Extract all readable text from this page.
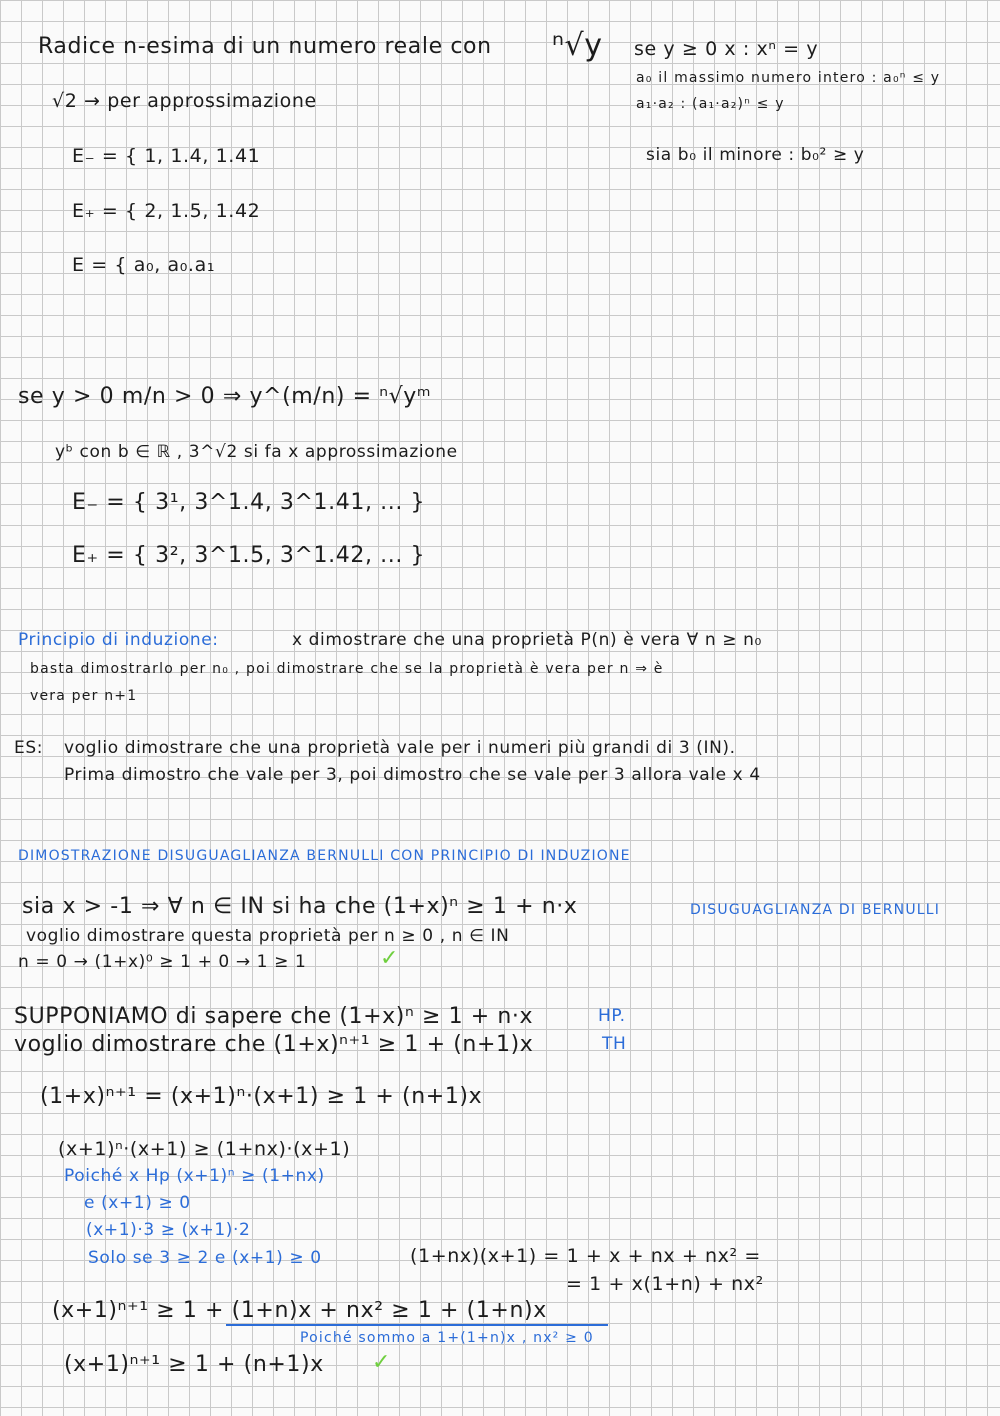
Radice n-esima di un numero reale con ⁿ√y se y ≥ 0 x : xⁿ = y
a₀ il massimo numero intero : a₀ⁿ ≤ y
a₁·a₂ : (a₁·a₂)ⁿ ≤ y
sia b₀ il minore : b₀² ≥ y
√2 → per approssimazione
E₋ = { 1, 1.4, 1.41
E₊ = { 2, 1.5, 1.42
E = { a₀, a₀.a₁
se y > 0 m/n > 0 ⇒ y^(m/n) = ⁿ√yᵐ
yᵇ con b ∈ ℝ , 3^√2 si fa x approssimazione
E₋ = { 3¹, 3^1.4, 3^1.41, ... }
E₊ = { 3², 3^1.5, 3^1.42, ... }
Principio di induzione:	x dimostrare che una proprietà P(n) è vera ∀ n ≥ n₀
basta dimostrarlo per n₀ , poi dimostrare che se la proprietà è vera per n ⇒ è
vera per n+1
ES: voglio dimostrare che una proprietà vale per i numeri più grandi di 3 (IN).
Prima dimostro che vale per 3, poi dimostro che se vale per 3 allora vale x 4
DIMOSTRAZIONE DISUGUAGLIANZA BERNULLI CON PRINCIPIO DI INDUZIONE
sia x > -1 ⇒ ∀ n ∈ IN si ha che (1+x)ⁿ ≥ 1 + n·x	DISUGUAGLIANZA DI BERNULLI
voglio dimostrare questa proprietà per n ≥ 0 , n ∈ IN
n = 0 → (1+x)⁰ ≥ 1 + 0 → 1 ≥ 1	✓
SUPPONIAMO di sapere che (1+x)ⁿ ≥ 1 + n·x	HP.
voglio dimostrare che (1+x)ⁿ⁺¹ ≥ 1 + (n+1)x	TH
(1+x)ⁿ⁺¹ = (x+1)ⁿ·(x+1) ≥ 1 + (n+1)x
(x+1)ⁿ·(x+1) ≥ (1+nx)·(x+1)
Poiché x Hp (x+1)ⁿ ≥ (1+nx)
e (x+1) ≥ 0
(x+1)·3 ≥ (x+1)·2
Solo se 3 ≥ 2 e (x+1) ≥ 0	(1+nx)(x+1) = 1 + x + nx + nx² =
= 1 + x(1+n) + nx²
(x+1)ⁿ⁺¹ ≥ 1 + (1+n)x + nx² ≥ 1 + (1+n)x
Poiché sommo a 1+(1+n)x , nx² ≥ 0
(x+1)ⁿ⁺¹ ≥ 1 + (n+1)x ✓
